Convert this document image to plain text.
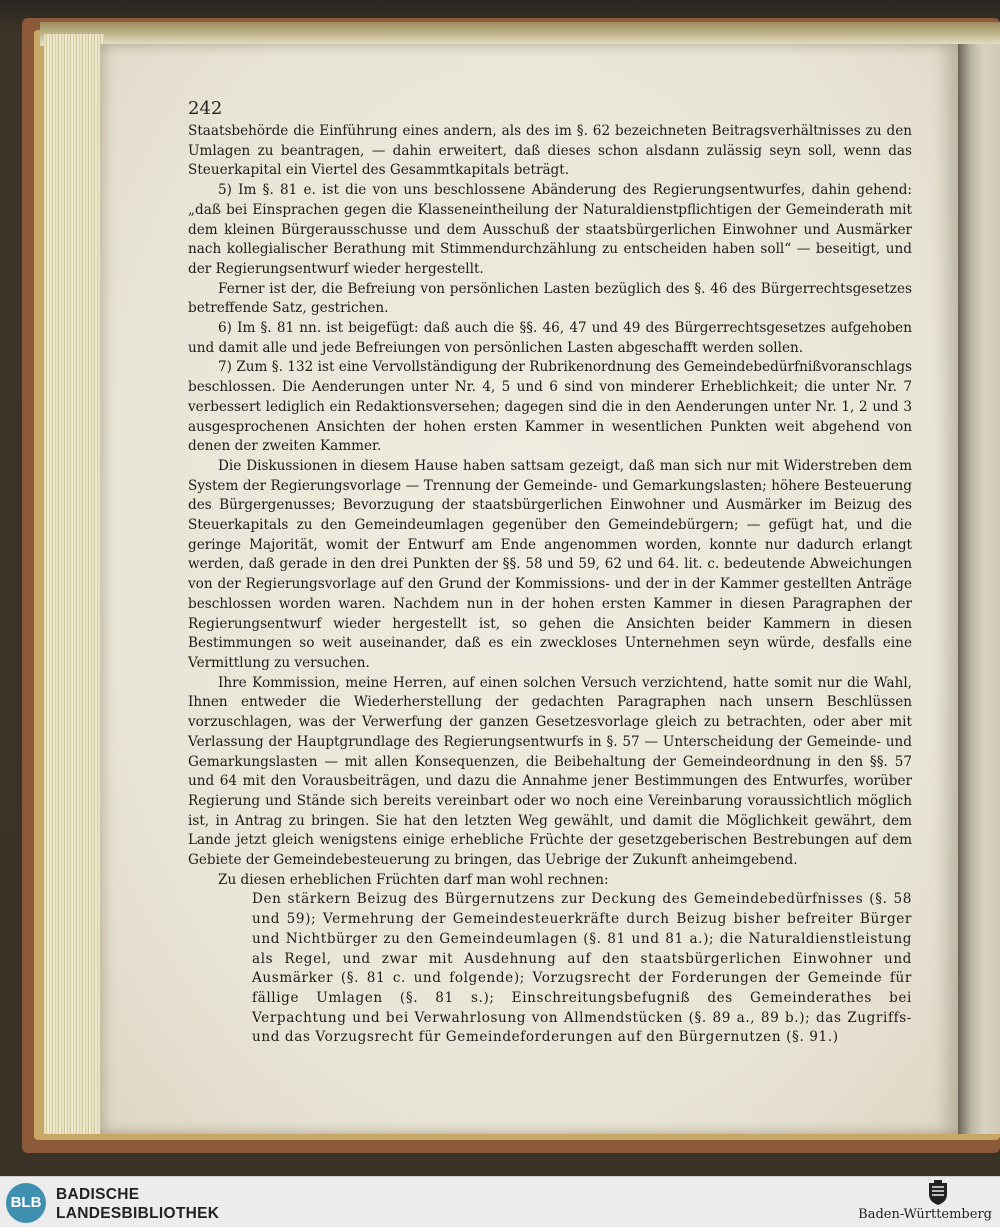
242

Staatsbehörde die Einführung eines andern, als des im §. 62 bezeichneten Beitragsverhältnisses zu den Umlagen zu beantragen, — dahin erweitert, daß dieses schon alsdann zulässig seyn soll, wenn das Steuerkapital ein Viertel des Gesammtkapitals beträgt.

5) Im §. 81 e. ist die von uns beschlossene Abänderung des Regierungsentwurfes, dahin gehend: „daß bei Einsprachen gegen die Klasseneintheilung der Naturaldienstpflichtigen der Gemeinderath mit dem kleinen Bürgerausschusse und dem Ausschuß der staatsbürgerlichen Einwohner und Ausmärker nach kollegialischer Berathung mit Stimmendurchzählung zu entscheiden haben soll“ — beseitigt, und der Regierungsentwurf wieder hergestellt.

Ferner ist der, die Befreiung von persönlichen Lasten bezüglich des §. 46 des Bürgerrechtsgesetzes betreffende Satz, gestrichen.

6) Im §. 81 nn. ist beigefügt: daß auch die §§. 46, 47 und 49 des Bürgerrechtsgesetzes aufgehoben und damit alle und jede Befreiungen von persönlichen Lasten abgeschafft werden sollen.

7) Zum §. 132 ist eine Vervollständigung der Rubrikenordnung des Gemeindebedürfnißvoranschlags beschlossen. Die Aenderungen unter Nr. 4, 5 und 6 sind von minderer Erheblichkeit; die unter Nr. 7 verbessert lediglich ein Redaktionsversehen; dagegen sind die in den Aenderungen unter Nr. 1, 2 und 3 ausgesprochenen Ansichten der hohen ersten Kammer in wesentlichen Punkten weit abgehend von denen der zweiten Kammer.

Die Diskussionen in diesem Hause haben sattsam gezeigt, daß man sich nur mit Widerstreben dem System der Regierungsvorlage — Trennung der Gemeinde- und Gemarkungslasten; höhere Besteuerung des Bürgergenusses; Bevorzugung der staatsbürgerlichen Einwohner und Ausmärker im Beizug des Steuerkapitals zu den Gemeindeumlagen gegenüber den Gemeindebürgern; — gefügt hat, und die geringe Majorität, womit der Entwurf am Ende angenommen worden, konnte nur dadurch erlangt werden, daß gerade in den drei Punkten der §§. 58 und 59, 62 und 64. lit. c. bedeutende Abweichungen von der Regierungsvorlage auf den Grund der Kommissions- und der in der Kammer gestellten Anträge beschlossen worden waren. Nachdem nun in der hohen ersten Kammer in diesen Paragraphen der Regierungsentwurf wieder hergestellt ist, so gehen die Ansichten beider Kammern in diesen Bestimmungen so weit auseinander, daß es ein zweckloses Unternehmen seyn würde, desfalls eine Vermittlung zu versuchen.

Ihre Kommission, meine Herren, auf einen solchen Versuch verzichtend, hatte somit nur die Wahl, Ihnen entweder die Wiederherstellung der gedachten Paragraphen nach unsern Beschlüssen vorzuschlagen, was der Verwerfung der ganzen Gesetzesvorlage gleich zu betrachten, oder aber mit Verlassung der Hauptgrundlage des Regierungsentwurfs in §. 57 — Unterscheidung der Gemeinde- und Gemarkungslasten — mit allen Konsequenzen, die Beibehaltung der Gemeindeordnung in den §§. 57 und 64 mit den Vorausbeiträgen, und dazu die Annahme jener Bestimmungen des Entwurfes, worüber Regierung und Stände sich bereits vereinbart oder wo noch eine Vereinbarung voraussichtlich möglich ist, in Antrag zu bringen. Sie hat den letzten Weg gewählt, und damit die Möglichkeit gewährt, dem Lande jetzt gleich wenigstens einige erhebliche Früchte der gesetzgeberischen Bestrebungen auf dem Gebiete der Gemeindebesteuerung zu bringen, das Uebrige der Zukunft anheimgebend.

Zu diesen erheblichen Früchten darf man wohl rechnen:

Den stärkern Beizug des Bürgernutzens zur Deckung des Gemeindebedürfnisses (§. 58 und 59); Vermehrung der Gemeindesteuerkräfte durch Beizug bisher befreiter Bürger und Nichtbürger zu den Gemeindeumlagen (§. 81 und 81 a.); die Naturaldienstleistung als Regel, und zwar mit Ausdehnung auf den staatsbürgerlichen Einwohner und Ausmärker (§. 81 c. und folgende); Vorzugsrecht der Forderungen der Gemeinde für fällige Umlagen (§. 81 s.); Einschreitungsbefugniß des Gemeinderathes bei Verpachtung und bei Verwahrlosung von Allmendstücken (§. 89 a., 89 b.); das Zugriffs- und das Vorzugsrecht für Gemeindeforderungen auf den Bürgernutzen (§. 91.)

BLB BADISCHE
LANDESBIBLIOTHEK	Baden-Württemberg
